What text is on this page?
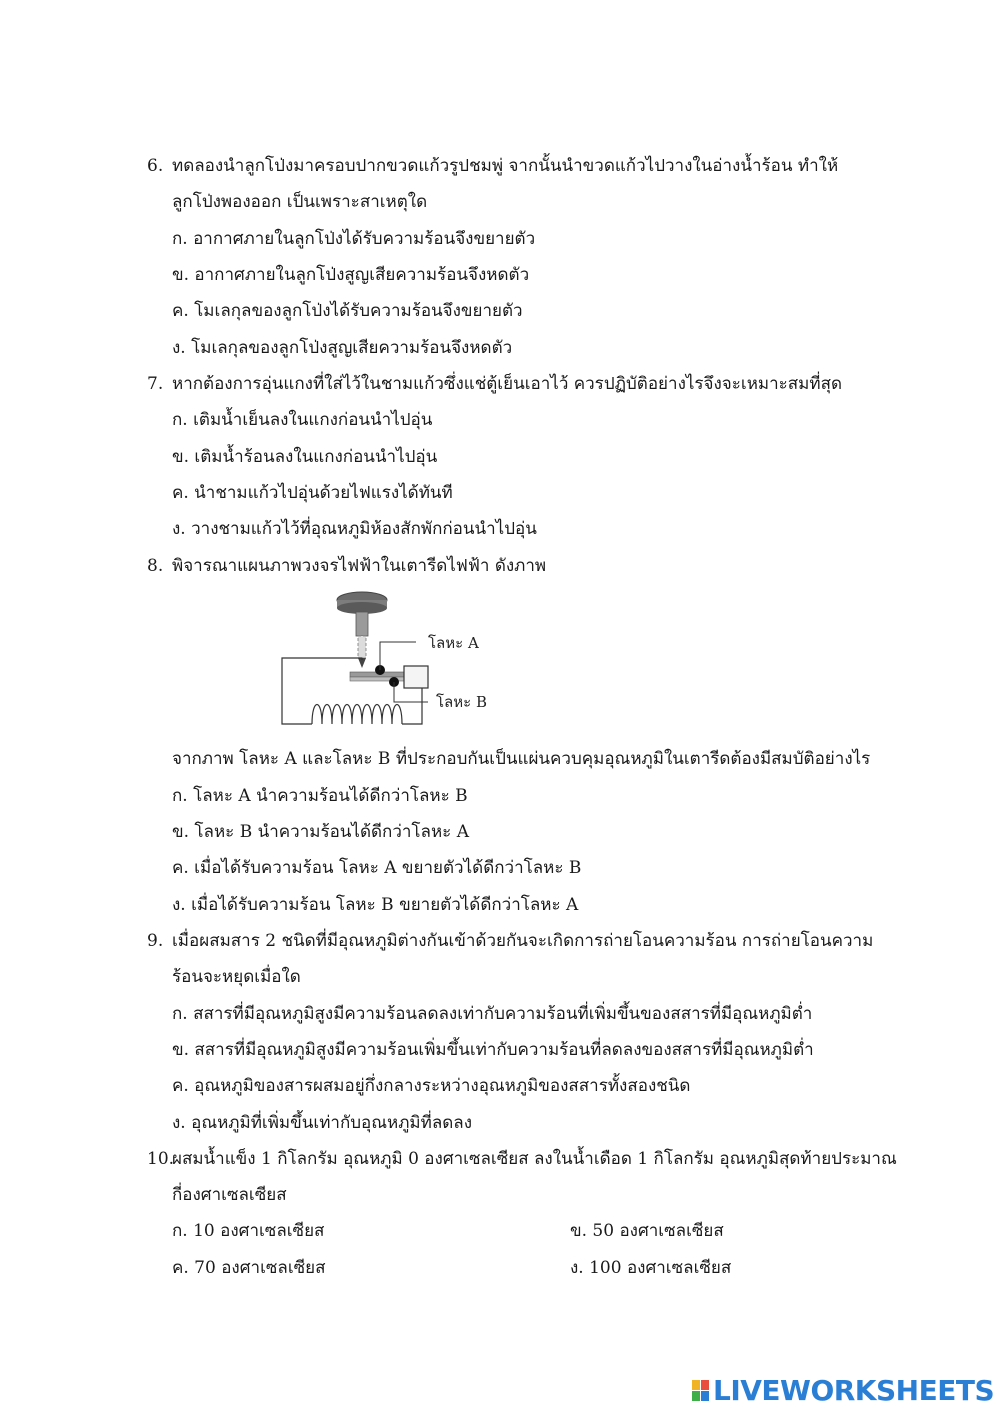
6. ทดลองนำลูกโป่งมาครอบปากขวดแก้วรูปชมพู่ จากนั้นนำขวดแก้วไปวางในอ่างน้ำร้อน ทำให้
ลูกโป่งพองออก เป็นเพราะสาเหตุใด
ก. อากาศภายในลูกโป่งได้รับความร้อนจึงขยายตัว
ข. อากาศภายในลูกโป่งสูญเสียความร้อนจึงหดตัว
ค. โมเลกุลของลูกโป่งได้รับความร้อนจึงขยายตัว
ง. โมเลกุลของลูกโป่งสูญเสียความร้อนจึงหดตัว
7. หากต้องการอุ่นแกงที่ใส่ไว้ในชามแก้วซึ่งแช่ตู้เย็นเอาไว้ ควรปฏิบัติอย่างไรจึงจะเหมาะสมที่สุด
ก. เติมน้ำเย็นลงในแกงก่อนนำไปอุ่น
ข. เติมน้ำร้อนลงในแกงก่อนนำไปอุ่น
ค. นำชามแก้วไปอุ่นด้วยไฟแรงได้ทันที
ง. วางชามแก้วไว้ที่อุณหภูมิห้องสักพักก่อนนำไปอุ่น
8. พิจารณาแผนภาพวงจรไฟฟ้าในเตารีดไฟฟ้า ดังภาพ
โลหะ A
โลหะ B
จากภาพ โลหะ A และโลหะ B ที่ประกอบกันเป็นแผ่นควบคุมอุณหภูมิในเตารีดต้องมีสมบัติอย่างไร
ก. โลหะ A นำความร้อนได้ดีกว่าโลหะ B
ข. โลหะ B นำความร้อนได้ดีกว่าโลหะ A
ค. เมื่อได้รับความร้อน โลหะ A ขยายตัวได้ดีกว่าโลหะ B
ง. เมื่อได้รับความร้อน โลหะ B ขยายตัวได้ดีกว่าโลหะ A
9. เมื่อผสมสาร 2 ชนิดที่มีอุณหภูมิต่างกันเข้าด้วยกันจะเกิดการถ่ายโอนความร้อน การถ่ายโอนความ
ร้อนจะหยุดเมื่อใด
ก. สสารที่มีอุณหภูมิสูงมีความร้อนลดลงเท่ากับความร้อนที่เพิ่มขึ้นของสสารที่มีอุณหภูมิต่ำ
ข. สสารที่มีอุณหภูมิสูงมีความร้อนเพิ่มขึ้นเท่ากับความร้อนที่ลดลงของสสารที่มีอุณหภูมิต่ำ
ค. อุณหภูมิของสารผสมอยู่กึ่งกลางระหว่างอุณหภูมิของสสารทั้งสองชนิด
ง. อุณหภูมิที่เพิ่มขึ้นเท่ากับอุณหภูมิที่ลดลง
10.
ผสมน้ำแข็ง 1 กิโลกรัม อุณหภูมิ 0 องศาเซลเซียส ลงในน้ำเดือด 1 กิโลกรัม อุณหภูมิสุดท้ายประมาณ
กี่องศาเซลเซียส
ก. 10 องศาเซลเซียส	ข. 50 องศาเซลเซียส
ค. 70 องศาเซลเซียส	ง. 100 องศาเซลเซียส
LIVEWORKSHEETS
